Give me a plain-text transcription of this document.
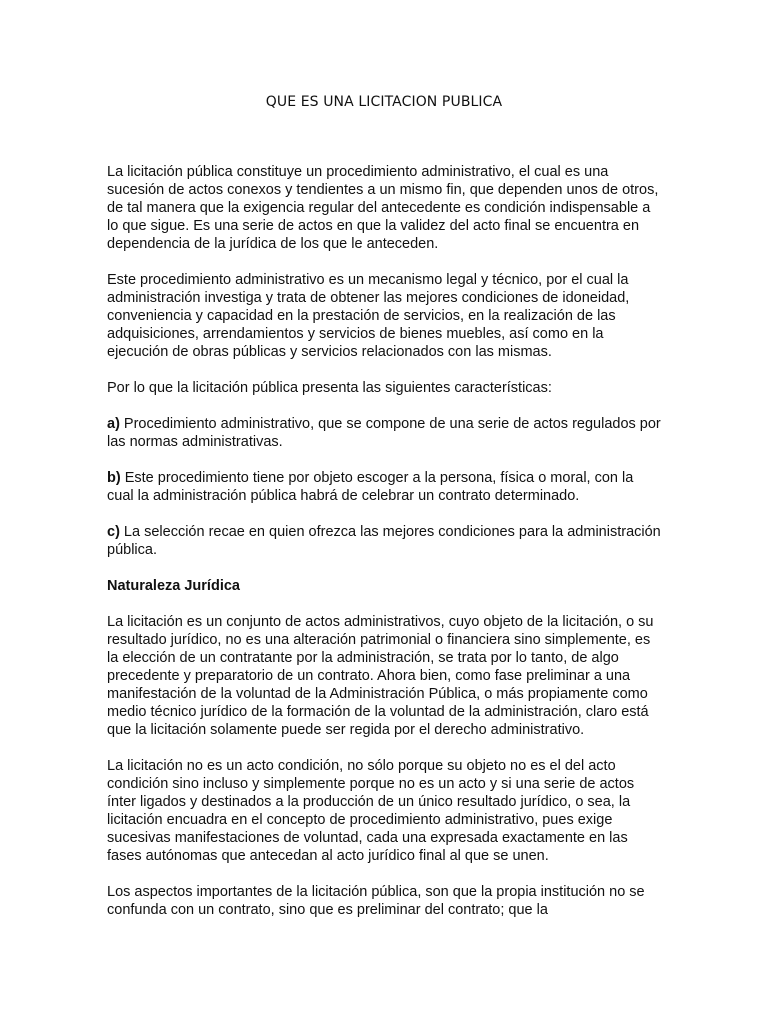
QUE ES UNA LICITACION PUBLICA

La licitación pública constituye un procedimiento administrativo, el cual es una sucesión de actos conexos y tendientes a un mismo fin, que dependen unos de otros, de tal manera que la exigencia regular del antecedente es condición indispensable a lo que sigue. Es una serie de actos en que la validez del acto final se encuentra en dependencia de la jurídica de los que le anteceden.

Este procedimiento administrativo es un mecanismo legal y técnico, por el cual la administración investiga y trata de obtener las mejores condiciones de idoneidad, conveniencia y capacidad en la prestación de servicios, en la realización de las adquisiciones, arrendamientos y servicios de bienes muebles, así como en la ejecución de obras públicas y servicios relacionados con las mismas.

Por lo que la licitación pública presenta las siguientes características:

a) Procedimiento administrativo, que se compone de una serie de actos regulados por las normas administrativas.

b) Este procedimiento tiene por objeto escoger a la persona, física o moral, con la cual la administración pública habrá de celebrar un contrato determinado.

c) La selección recae en quien ofrezca las mejores condiciones para la administración pública.

Naturaleza Jurídica

La licitación es un conjunto de actos administrativos, cuyo objeto de la licitación, o su resultado jurídico, no es una alteración patrimonial o financiera sino simplemente, es la elección de un contratante por la administración, se trata por lo tanto, de algo precedente y preparatorio de un contrato. Ahora bien, como fase preliminar a una manifestación de la voluntad de la Administración Pública, o más propiamente como medio técnico jurídico de la formación de la voluntad de la administración, claro está que la licitación solamente puede ser regida por el derecho administrativo.

La licitación no es un acto condición, no sólo porque su objeto no es el del acto condición sino incluso y simplemente porque no es un acto y si una serie de actos ínter ligados y destinados a la producción de un único resultado jurídico, o sea, la licitación encuadra en el concepto de procedimiento administrativo, pues exige sucesivas manifestaciones de voluntad, cada una expresada exactamente en las fases autónomas que antecedan al acto jurídico final al que se unen.

Los aspectos importantes de la licitación pública, son que la propia institución no se confunda con un contrato, sino que es preliminar del contrato; que la
